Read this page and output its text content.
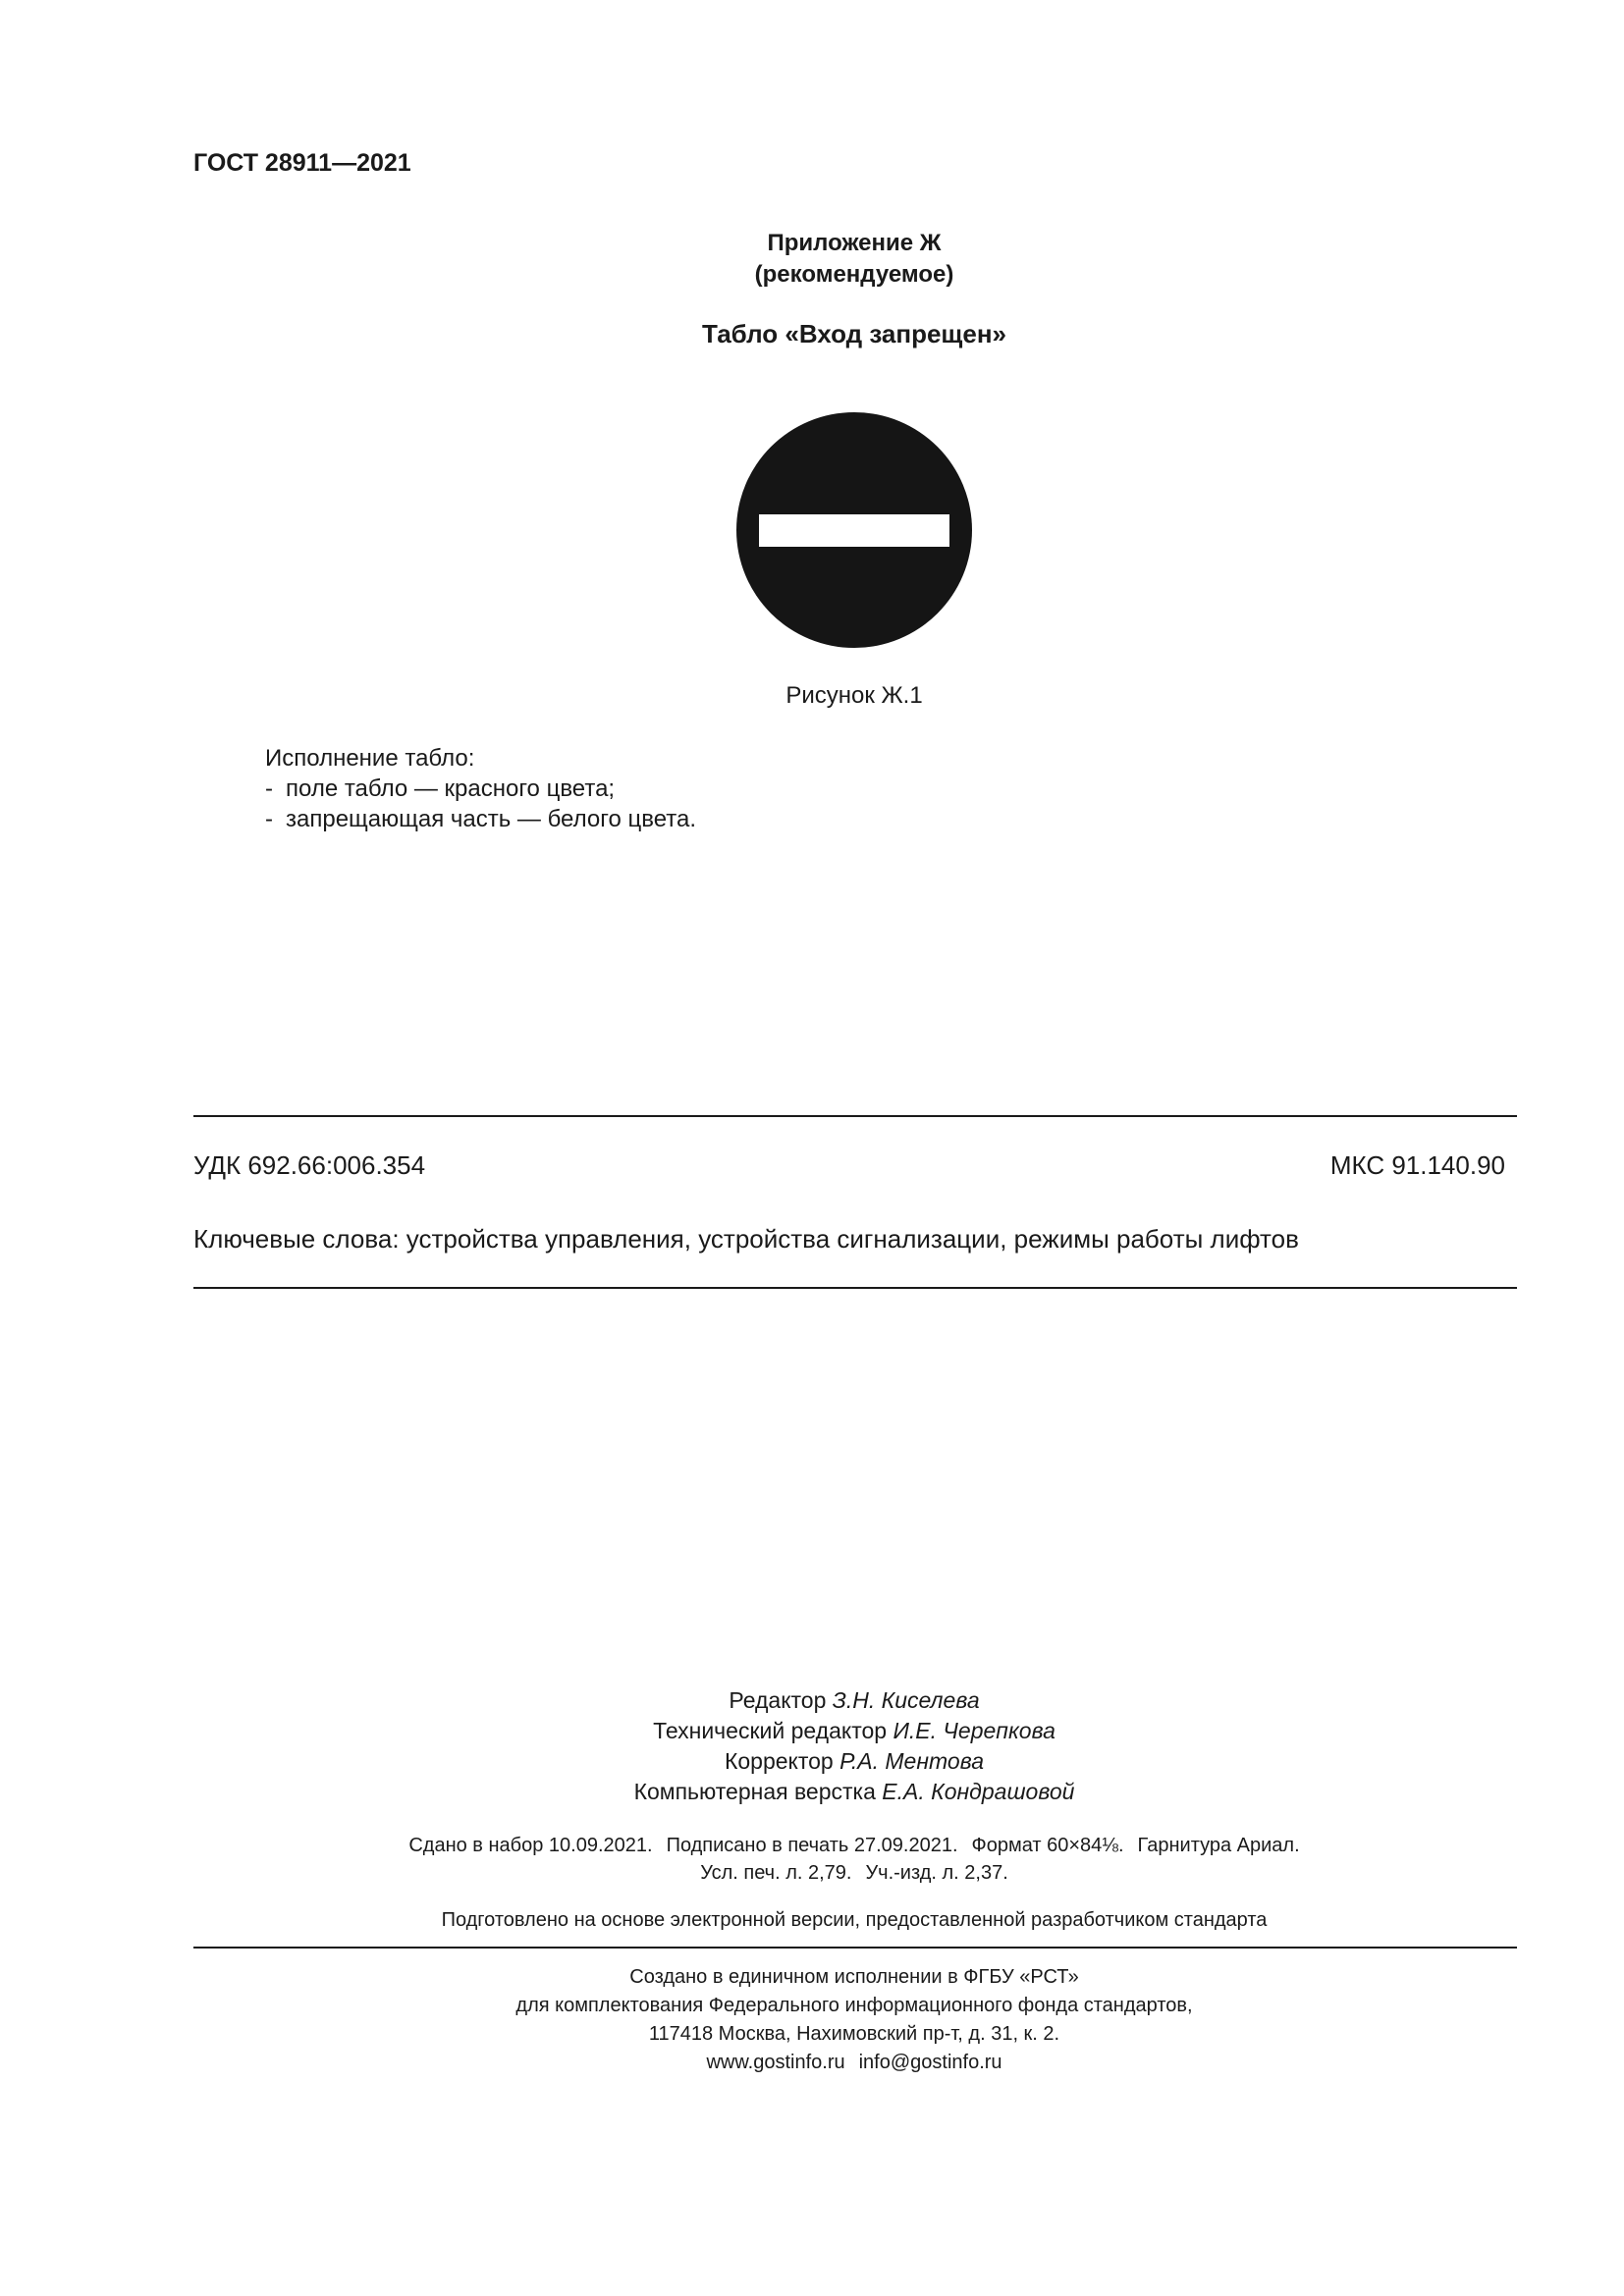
ГОСТ 28911—2021
Приложение Ж
(рекомендуемое)
Табло «Вход запрещен»
Рисунок Ж.1
Исполнение табло:
- поле табло — красного цвета;
- запрещающая часть — белого цвета.
УДК 692.66:006.354	МКС 91.140.90
Ключевые слова: устройства управления, устройства сигнализации, режимы работы лифтов
Редактор З.Н. Киселева
Технический редактор И.Е. Черепкова
Корректор Р.А. Ментова
Компьютерная верстка Е.А. Кондрашовой
Сдано в набор 10.09.2021. Подписано в печать 27.09.2021. Формат 60×84⅛. Гарнитура Ариал.
Усл. печ. л. 2,79. Уч.-изд. л. 2,37.
Подготовлено на основе электронной версии, предоставленной разработчиком стандарта
Создано в единичном исполнении в ФГБУ «РСТ»
для комплектования Федерального информационного фонда стандартов,
117418 Москва, Нахимовский пр-т, д. 31, к. 2.
www.gostinfo.ru info@gostinfo.ru
